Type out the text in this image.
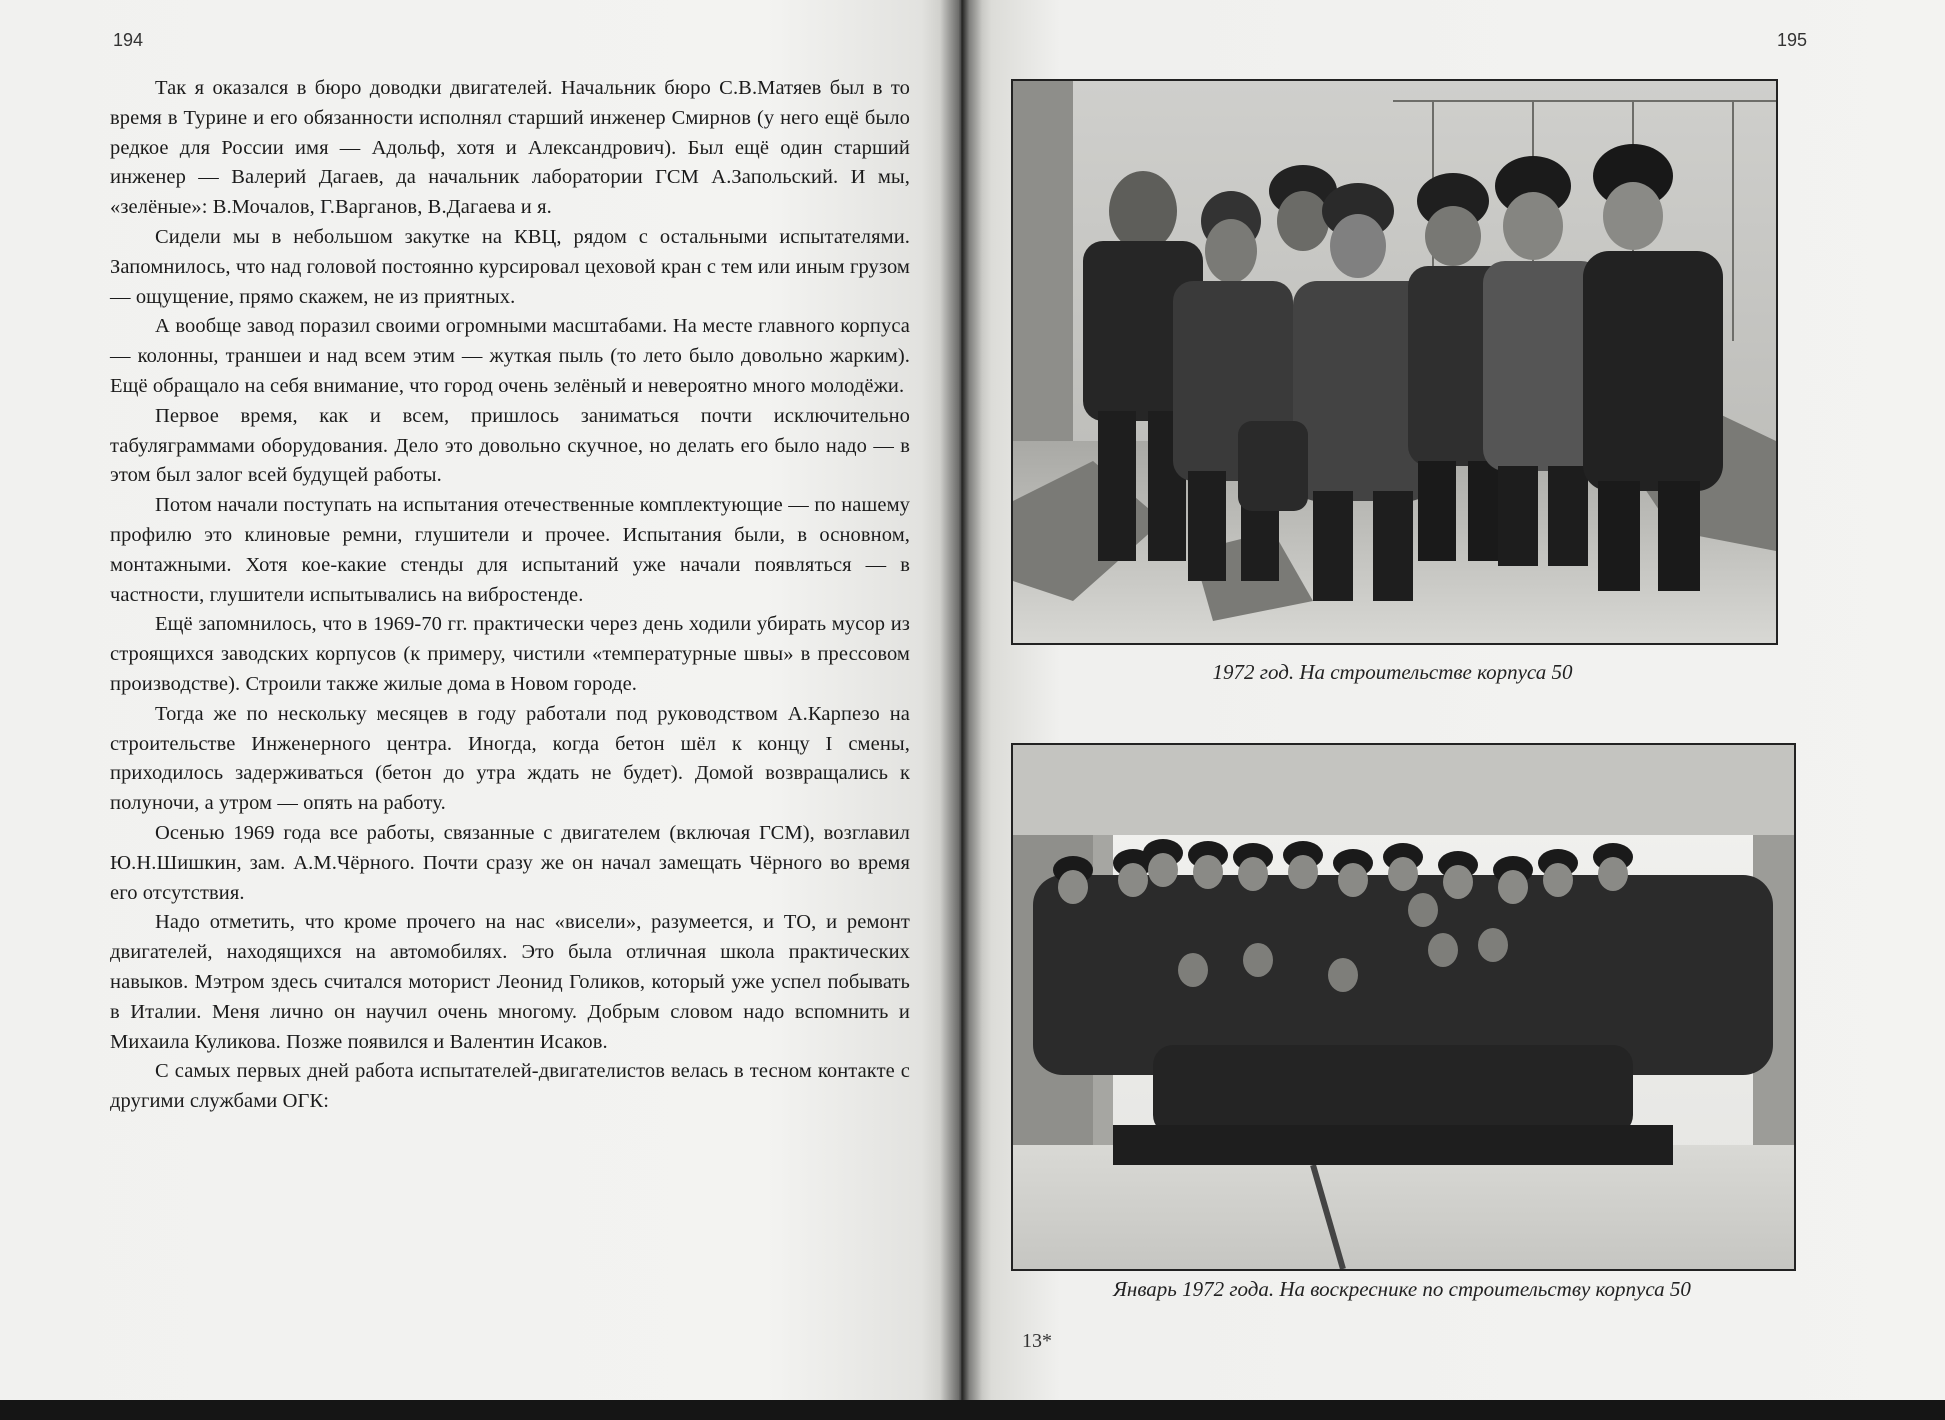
194

Так я оказался в бюро доводки двигателей. Начальник бюро С.В.Матяев был в то время в Турине и его обязанности исполнял старший инженер Смирнов (у него ещё было редкое для России имя — Адольф, хотя и Александрович). Был ещё один старший инженер — Валерий Дагаев, да начальник лаборатории ГСМ А.Запольский. И мы, «зелёные»: В.Мочалов, Г.Варганов, В.Дагаева и я.

Сидели мы в небольшом закутке на КВЦ, рядом с остальными испытателями. Запомнилось, что над головой постоянно курсировал цеховой кран с тем или иным грузом — ощущение, прямо скажем, не из приятных.

А вообще завод поразил своими огромными масштабами. На месте главного корпуса — колонны, траншеи и над всем этим — жуткая пыль (то лето было довольно жарким). Ещё обращало на себя внимание, что город очень зелёный и невероятно много молодёжи.

Первое время, как и всем, пришлось заниматься почти исключительно табуляграммами оборудования. Дело это довольно скучное, но делать его было надо — в этом был залог всей будущей работы.

Потом начали поступать на испытания отечественные комплектующие — по нашему профилю это клиновые ремни, глушители и прочее. Испытания были, в основном, монтажными. Хотя кое-какие стенды для испытаний уже начали появляться — в частности, глушители испытывались на вибростенде.

Ещё запомнилось, что в 1969-70 гг. практически через день ходили убирать мусор из строящихся заводских корпусов (к примеру, чистили «температурные швы» в прессовом производстве). Строили также жилые дома в Новом городе.

Тогда же по нескольку месяцев в году работали под руководством А.Карпезо на строительстве Инженерного центра. Иногда, когда бетон шёл к концу I смены, приходилось задерживаться (бетон до утра ждать не будет). Домой возвращались к полуночи, а утром — опять на работу.

Осенью 1969 года все работы, связанные с двигателем (включая ГСМ), возглавил Ю.Н.Шишкин, зам. А.М.Чёрного. Почти сразу же он начал замещать Чёрного во время его отсутствия.

Надо отметить, что кроме прочего на нас «висели», разумеется, и ТО, и ремонт двигателей, находящихся на автомобилях. Это была отличная школа практических навыков. Мэтром здесь считался моторист Леонид Голиков, который уже успел побывать в Италии. Меня лично он научил очень многому. Добрым словом надо вспомнить и Михаила Куликова. Позже появился и Валентин Исаков.

С самых первых дней работа испытателей-двигателистов велась в тесном контакте с другими службами ОГК:

195
1972 год. На строительстве корпуса 50
Январь 1972 года. На воскреснике по строительству корпуса 50
13*
